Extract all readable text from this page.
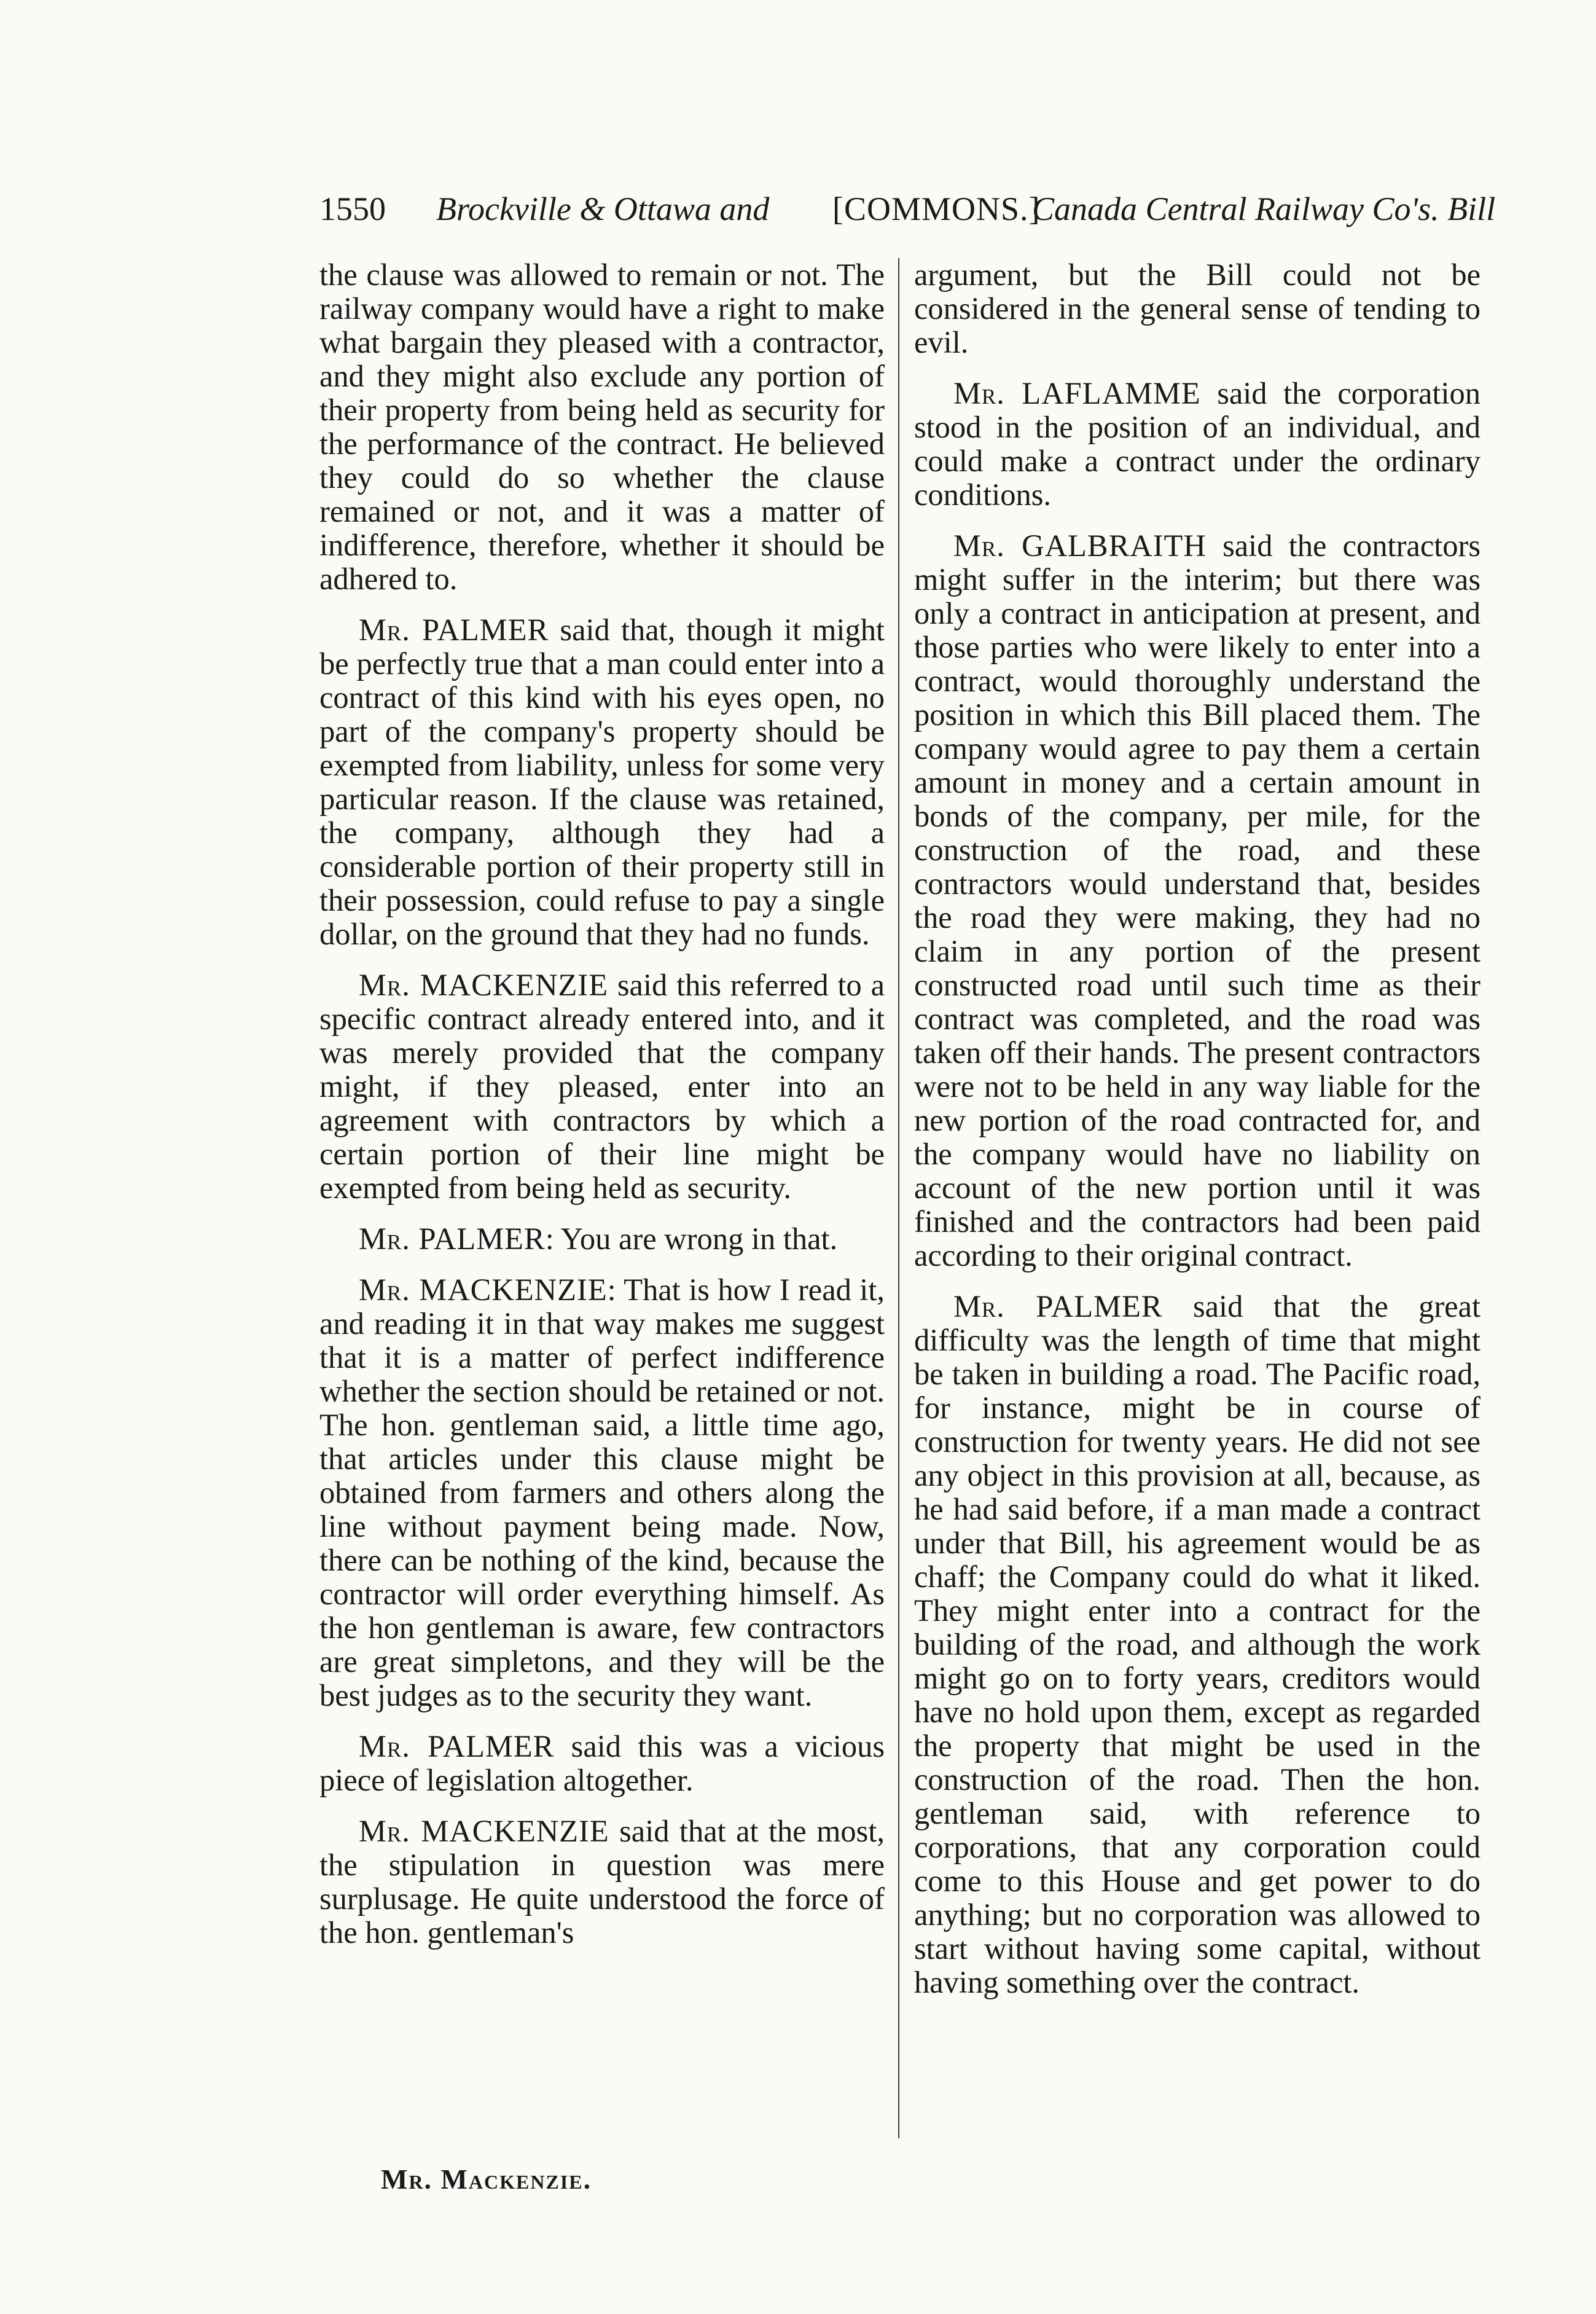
1550 Brockville & Ottawa and [COMMONS.]
Canada Central Railway Co's. Bill

the clause was allowed to remain or not. The railway company would have a right to make what bargain they pleased with a contractor, and they might also exclude any portion of their property from being held as security for the performance of the contract. He believed they could do so whether the clause remained or not, and it was a matter of indifference, therefore, whether it should be adhered to.

Mr. PALMER said that, though it might be perfectly true that a man could enter into a contract of this kind with his eyes open, no part of the company's property should be exempted from liability, unless for some very particular reason. If the clause was retained, the company, although they had a considerable portion of their property still in their possession, could refuse to pay a single dollar, on the ground that they had no funds.

Mr. MACKENZIE said this referred to a specific contract already entered into, and it was merely provided that the company might, if they pleased, enter into an agreement with contractors by which a certain portion of their line might be exempted from being held as security.

Mr. PALMER: You are wrong in that.

Mr. MACKENZIE: That is how I read it, and reading it in that way makes me suggest that it is a matter of perfect indifference whether the section should be retained or not. The hon. gentleman said, a little time ago, that articles under this clause might be obtained from farmers and others along the line without payment being made. Now, there can be nothing of the kind, because the contractor will order everything himself. As the hon gentleman is aware, few contractors are great simpletons, and they will be the best judges as to the security they want.

Mr. PALMER said this was a vicious piece of legislation altogether.

Mr. MACKENZIE said that at the most, the stipulation in question was mere surplusage. He quite understood the force of the hon. gentleman's

argument, but the Bill could not be considered in the general sense of tending to evil.

Mr. LAFLAMME said the corporation stood in the position of an individual, and could make a contract under the ordinary conditions.

Mr. GALBRAITH said the contractors might suffer in the interim; but there was only a contract in anticipation at present, and those parties who were likely to enter into a contract, would thoroughly understand the position in which this Bill placed them. The company would agree to pay them a certain amount in money and a certain amount in bonds of the company, per mile, for the construction of the road, and these contractors would understand that, besides the road they were making, they had no claim in any portion of the present constructed road until such time as their contract was completed, and the road was taken off their hands. The present contractors were not to be held in any way liable for the new portion of the road contracted for, and the company would have no liability on account of the new portion until it was finished and the contractors had been paid according to their original contract.

Mr. PALMER said that the great difficulty was the length of time that might be taken in building a road. The Pacific road, for instance, might be in course of construction for twenty years. He did not see any object in this provision at all, because, as he had said before, if a man made a contract under that Bill, his agreement would be as chaff; the Company could do what it liked. They might enter into a contract for the building of the road, and although the work might go on to forty years, creditors would have no hold upon them, except as regarded the property that might be used in the construction of the road. Then the hon. gentleman said, with reference to corporations, that any corporation could come to this House and get power to do anything; but no corporation was allowed to start without having some capital, without having something over the contract.

Mr. Mackenzie.
